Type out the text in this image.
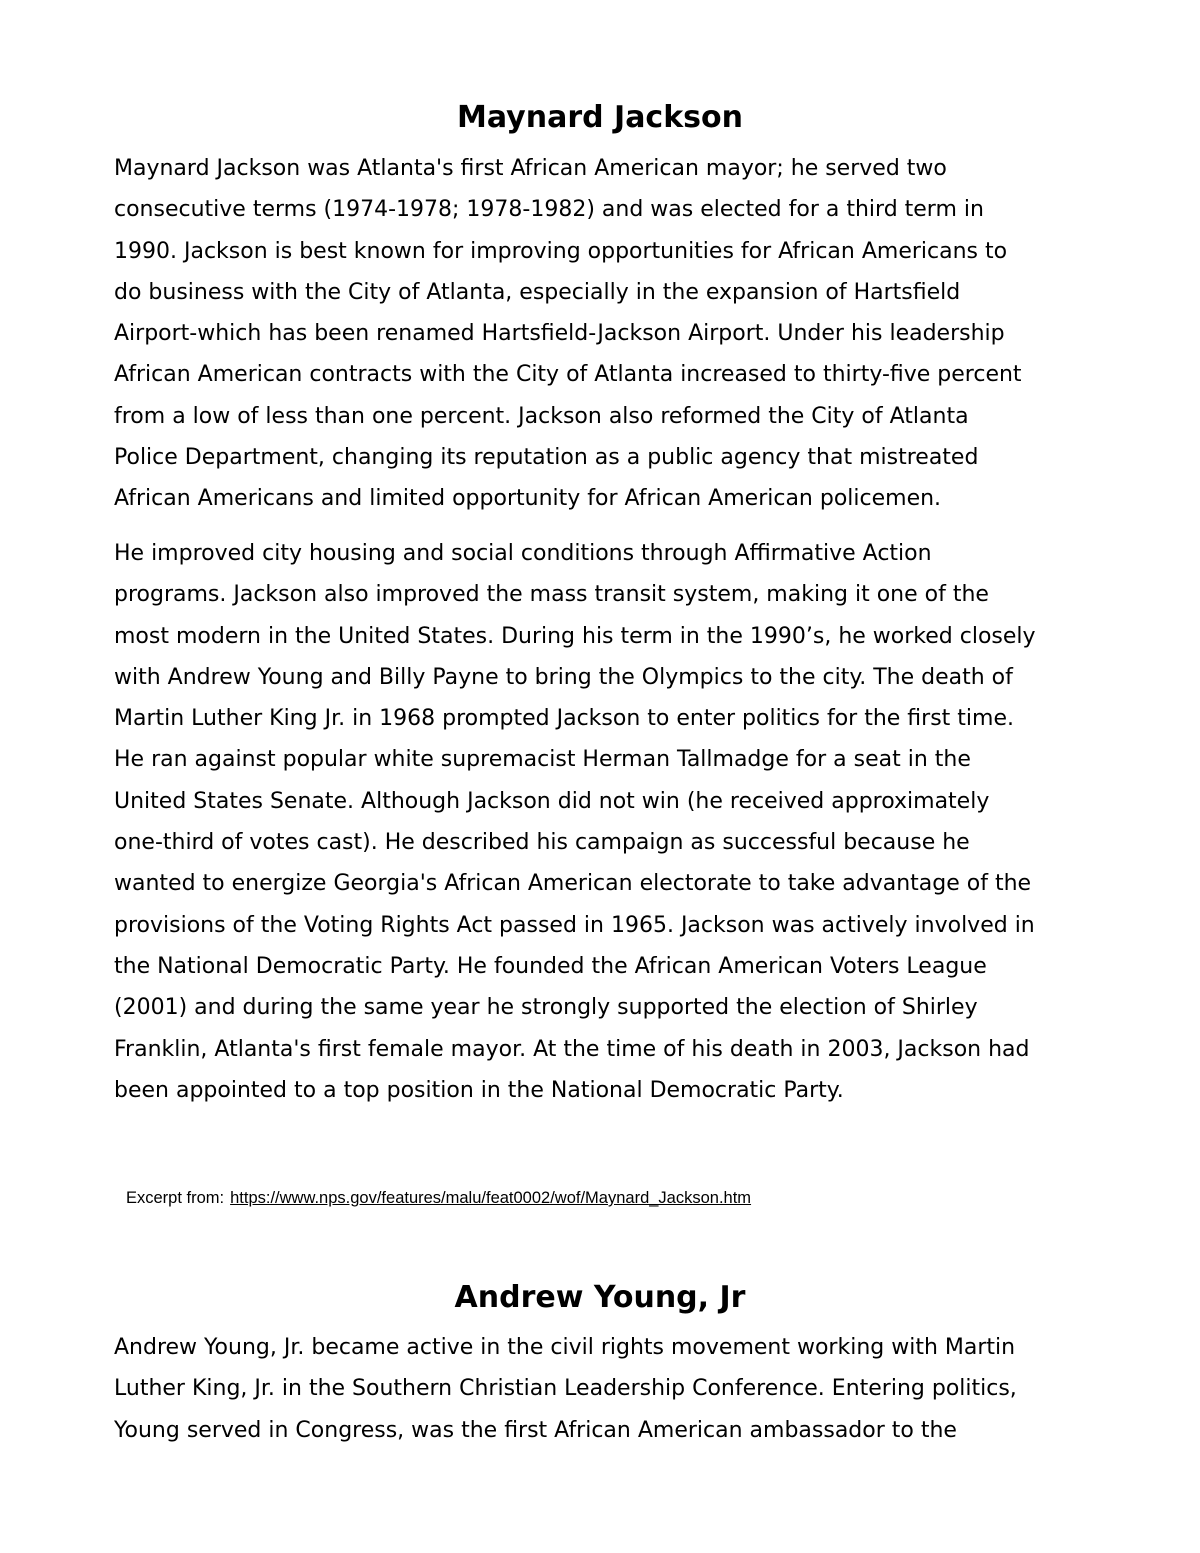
Maynard Jackson
Maynard Jackson was Atlanta's first African American mayor; he served two
consecutive terms (1974-1978; 1978-1982) and was elected for a third term in
1990. Jackson is best known for improving opportunities for African Americans to
do business with the City of Atlanta, especially in the expansion of Hartsfield
Airport-which has been renamed Hartsfield-Jackson Airport. Under his leadership
African American contracts with the City of Atlanta increased to thirty-five percent
from a low of less than one percent. Jackson also reformed the City of Atlanta
Police Department, changing its reputation as a public agency that mistreated
African Americans and limited opportunity for African American policemen.
He improved city housing and social conditions through Affirmative Action
programs. Jackson also improved the mass transit system, making it one of the
most modern in the United States. During his term in the 1990’s, he worked closely
with Andrew Young and Billy Payne to bring the Olympics to the city. The death of
Martin Luther King Jr. in 1968 prompted Jackson to enter politics for the first time.
He ran against popular white supremacist Herman Tallmadge for a seat in the
United States Senate. Although Jackson did not win (he received approximately
one-third of votes cast). He described his campaign as successful because he
wanted to energize Georgia's African American electorate to take advantage of the
provisions of the Voting Rights Act passed in 1965. Jackson was actively involved in
the National Democratic Party. He founded the African American Voters League
(2001) and during the same year he strongly supported the election of Shirley
Franklin, Atlanta's first female mayor. At the time of his death in 2003, Jackson had
been appointed to a top position in the National Democratic Party.

Excerpt from: https://www.nps.gov/features/malu/feat0002/wof/Maynard_Jackson.htm

Andrew Young, Jr
Andrew Young, Jr. became active in the civil rights movement working with Martin
Luther King, Jr. in the Southern Christian Leadership Conference. Entering politics,
Young served in Congress, was the first African American ambassador to the
